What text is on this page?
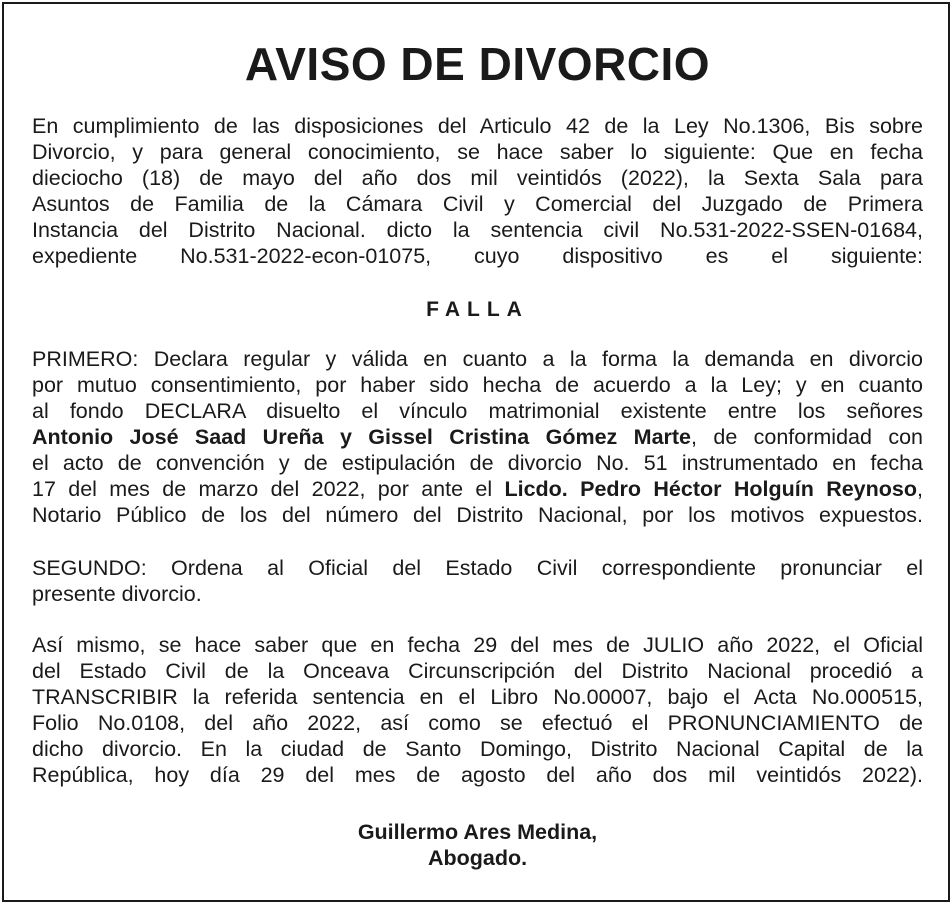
AVISO DE DIVORCIO

En cumplimiento de las disposiciones del Articulo 42 de la Ley No.1306, Bis sobre
Divorcio, y para general conocimiento, se hace saber lo siguiente: Que en fecha
dieciocho (18) de mayo del año dos mil veintidós (2022), la Sexta Sala para
Asuntos de Familia de la Cámara Civil y Comercial del Juzgado de Primera
Instancia del Distrito Nacional. dicto la sentencia civil No.531-2022-SSEN-01684,
expediente No.531-2022-econ-01075, cuyo dispositivo es el siguiente:

FALLA

PRIMERO: Declara regular y válida en cuanto a la forma la demanda en divorcio
por mutuo consentimiento, por haber sido hecha de acuerdo a la Ley; y en cuanto
al fondo DECLARA disuelto el vínculo matrimonial existente entre los señores
Antonio José Saad Ureña y Gissel Cristina Gómez Marte, de conformidad con
el acto de convención y de estipulación de divorcio No. 51 instrumentado en fecha
17 del mes de marzo del 2022, por ante el Licdo. Pedro Héctor Holguín Reynoso,
Notario Público de los del número del Distrito Nacional, por los motivos expuestos.

SEGUNDO: Ordena al Oficial del Estado Civil correspondiente pronunciar el
presente divorcio.

Así mismo, se hace saber que en fecha 29 del mes de JULIO año 2022, el Oficial
del Estado Civil de la Onceava Circunscripción del Distrito Nacional procedió a
TRANSCRIBIR la referida sentencia en el Libro No.00007, bajo el Acta No.000515,
Folio No.0108, del año 2022, así como se efectuó el PRONUNCIAMIENTO de
dicho divorcio. En la ciudad de Santo Domingo, Distrito Nacional Capital de la
República, hoy día 29 del mes de agosto del año dos mil veintidós 2022).

Guillermo Ares Medina,
Abogado.
